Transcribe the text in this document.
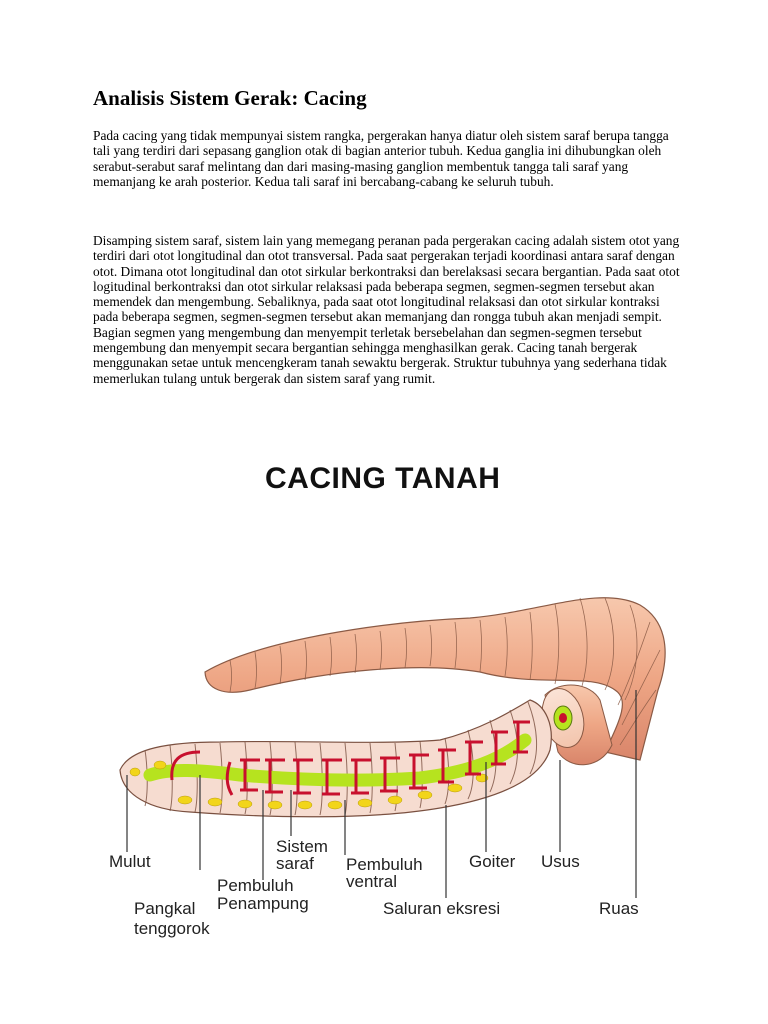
Analisis Sistem Gerak: Cacing

Pada cacing yang tidak mempunyai sistem rangka, pergerakan hanya diatur oleh sistem saraf berupa tangga tali yang terdiri dari sepasang ganglion otak di bagian anterior tubuh. Kedua ganglia ini dihubungkan oleh serabut-serabut saraf melintang dan dari masing-masing ganglion membentuk tangga tali saraf yang memanjang ke arah posterior. Kedua tali saraf ini bercabang-cabang ke seluruh tubuh.

Disamping sistem saraf, sistem lain yang memegang peranan pada pergerakan cacing adalah sistem otot yang terdiri dari otot longitudinal dan otot transversal. Pada saat pergerakan terjadi koordinasi antara saraf dengan otot. Dimana otot longitudinal dan otot sirkular berkontraksi dan berelaksasi secara bergantian. Pada saat otot logitudinal berkontraksi dan otot sirkular relaksasi pada beberapa segmen, segmen-segmen tersebut akan memendek dan mengembung. Sebaliknya, pada saat otot longitudinal relaksasi dan otot sirkular kontraksi pada beberapa segmen, segmen-segmen tersebut akan memanjang dan rongga tubuh akan menjadi sempit. Bagian segmen yang mengembung dan menyempit terletak bersebelahan dan segmen-segmen tersebut mengembung dan menyempit secara bergantian sehingga menghasilkan gerak. Cacing tanah bergerak menggunakan setae untuk mencengkeram tanah sewaktu bergerak. Struktur tubuhnya yang sederhana tidak memerlukan tulang untuk bergerak dan sistem saraf yang rumit.

CACING TANAH
Mulut
Pangkal
tenggorok
Pembuluh
Penampung
Sistem
saraf Pembuluh
ventral
Goiter Usus
Saluran eksresi	Ruas
